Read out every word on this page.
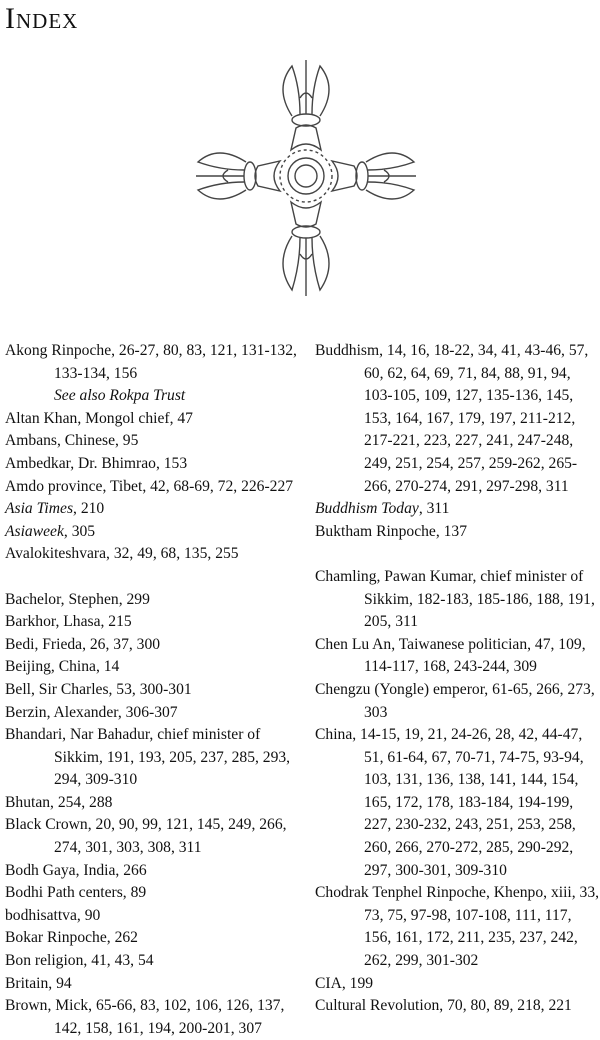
Index
Akong Rinpoche, 26-27, 80, 83, 121, 131-132, 133-134, 156
See also Rokpa Trust
Altan Khan, Mongol chief, 47
Ambans, Chinese, 95
Ambedkar, Dr. Bhimrao, 153
Amdo province, Tibet, 42, 68-69, 72, 226-227
Asia Times, 210
Asiaweek, 305
Avalokiteshvara, 32, 49, 68, 135, 255
Bachelor, Stephen, 299
Barkhor, Lhasa, 215
Bedi, Frieda, 26, 37, 300
Beijing, China, 14
Bell, Sir Charles, 53, 300-301
Berzin, Alexander, 306-307
Bhandari, Nar Bahadur, chief minister of Sikkim, 191, 193, 205, 237, 285, 293, 294, 309-310
Bhutan, 254, 288
Black Crown, 20, 90, 99, 121, 145, 249, 266, 274, 301, 303, 308, 311
Bodh Gaya, India, 266
Bodhi Path centers, 89
bodhisattva, 90
Bokar Rinpoche, 262
Bon religion, 41, 43, 54
Britain, 94
Brown, Mick, 65-66, 83, 102, 106, 126, 137, 142, 158, 161, 194, 200-201, 307
Buddhism, 14, 16, 18-22, 34, 41, 43-46, 57, 60, 62, 64, 69, 71, 84, 88, 91, 94, 103-105, 109, 127, 135-136, 145, 153, 164, 167, 179, 197, 211-212, 217-221, 223, 227, 241, 247-248, 249, 251, 254, 257, 259-262, 265-266, 270-274, 291, 297-298, 311
Buddhism Today, 311
Buktham Rinpoche, 137
Chamling, Pawan Kumar, chief minister of Sikkim, 182-183, 185-186, 188, 191, 205, 311
Chen Lu An, Taiwanese politician, 47, 109, 114-117, 168, 243-244, 309
Chengzu (Yongle) emperor, 61-65, 266, 273, 303
China, 14-15, 19, 21, 24-26, 28, 42, 44-47, 51, 61-64, 67, 70-71, 74-75, 93-94, 103, 131, 136, 138, 141, 144, 154, 165, 172, 178, 183-184, 194-199, 227, 230-232, 243, 251, 253, 258, 260, 266, 270-272, 285, 290-292, 297, 300-301, 309-310
Chodrak Tenphel Rinpoche, Khenpo, xiii, 33, 73, 75, 97-98, 107-108, 111, 117, 156, 161, 172, 211, 235, 237, 242, 262, 299, 301-302
CIA, 199
Cultural Revolution, 70, 80, 89, 218, 221
